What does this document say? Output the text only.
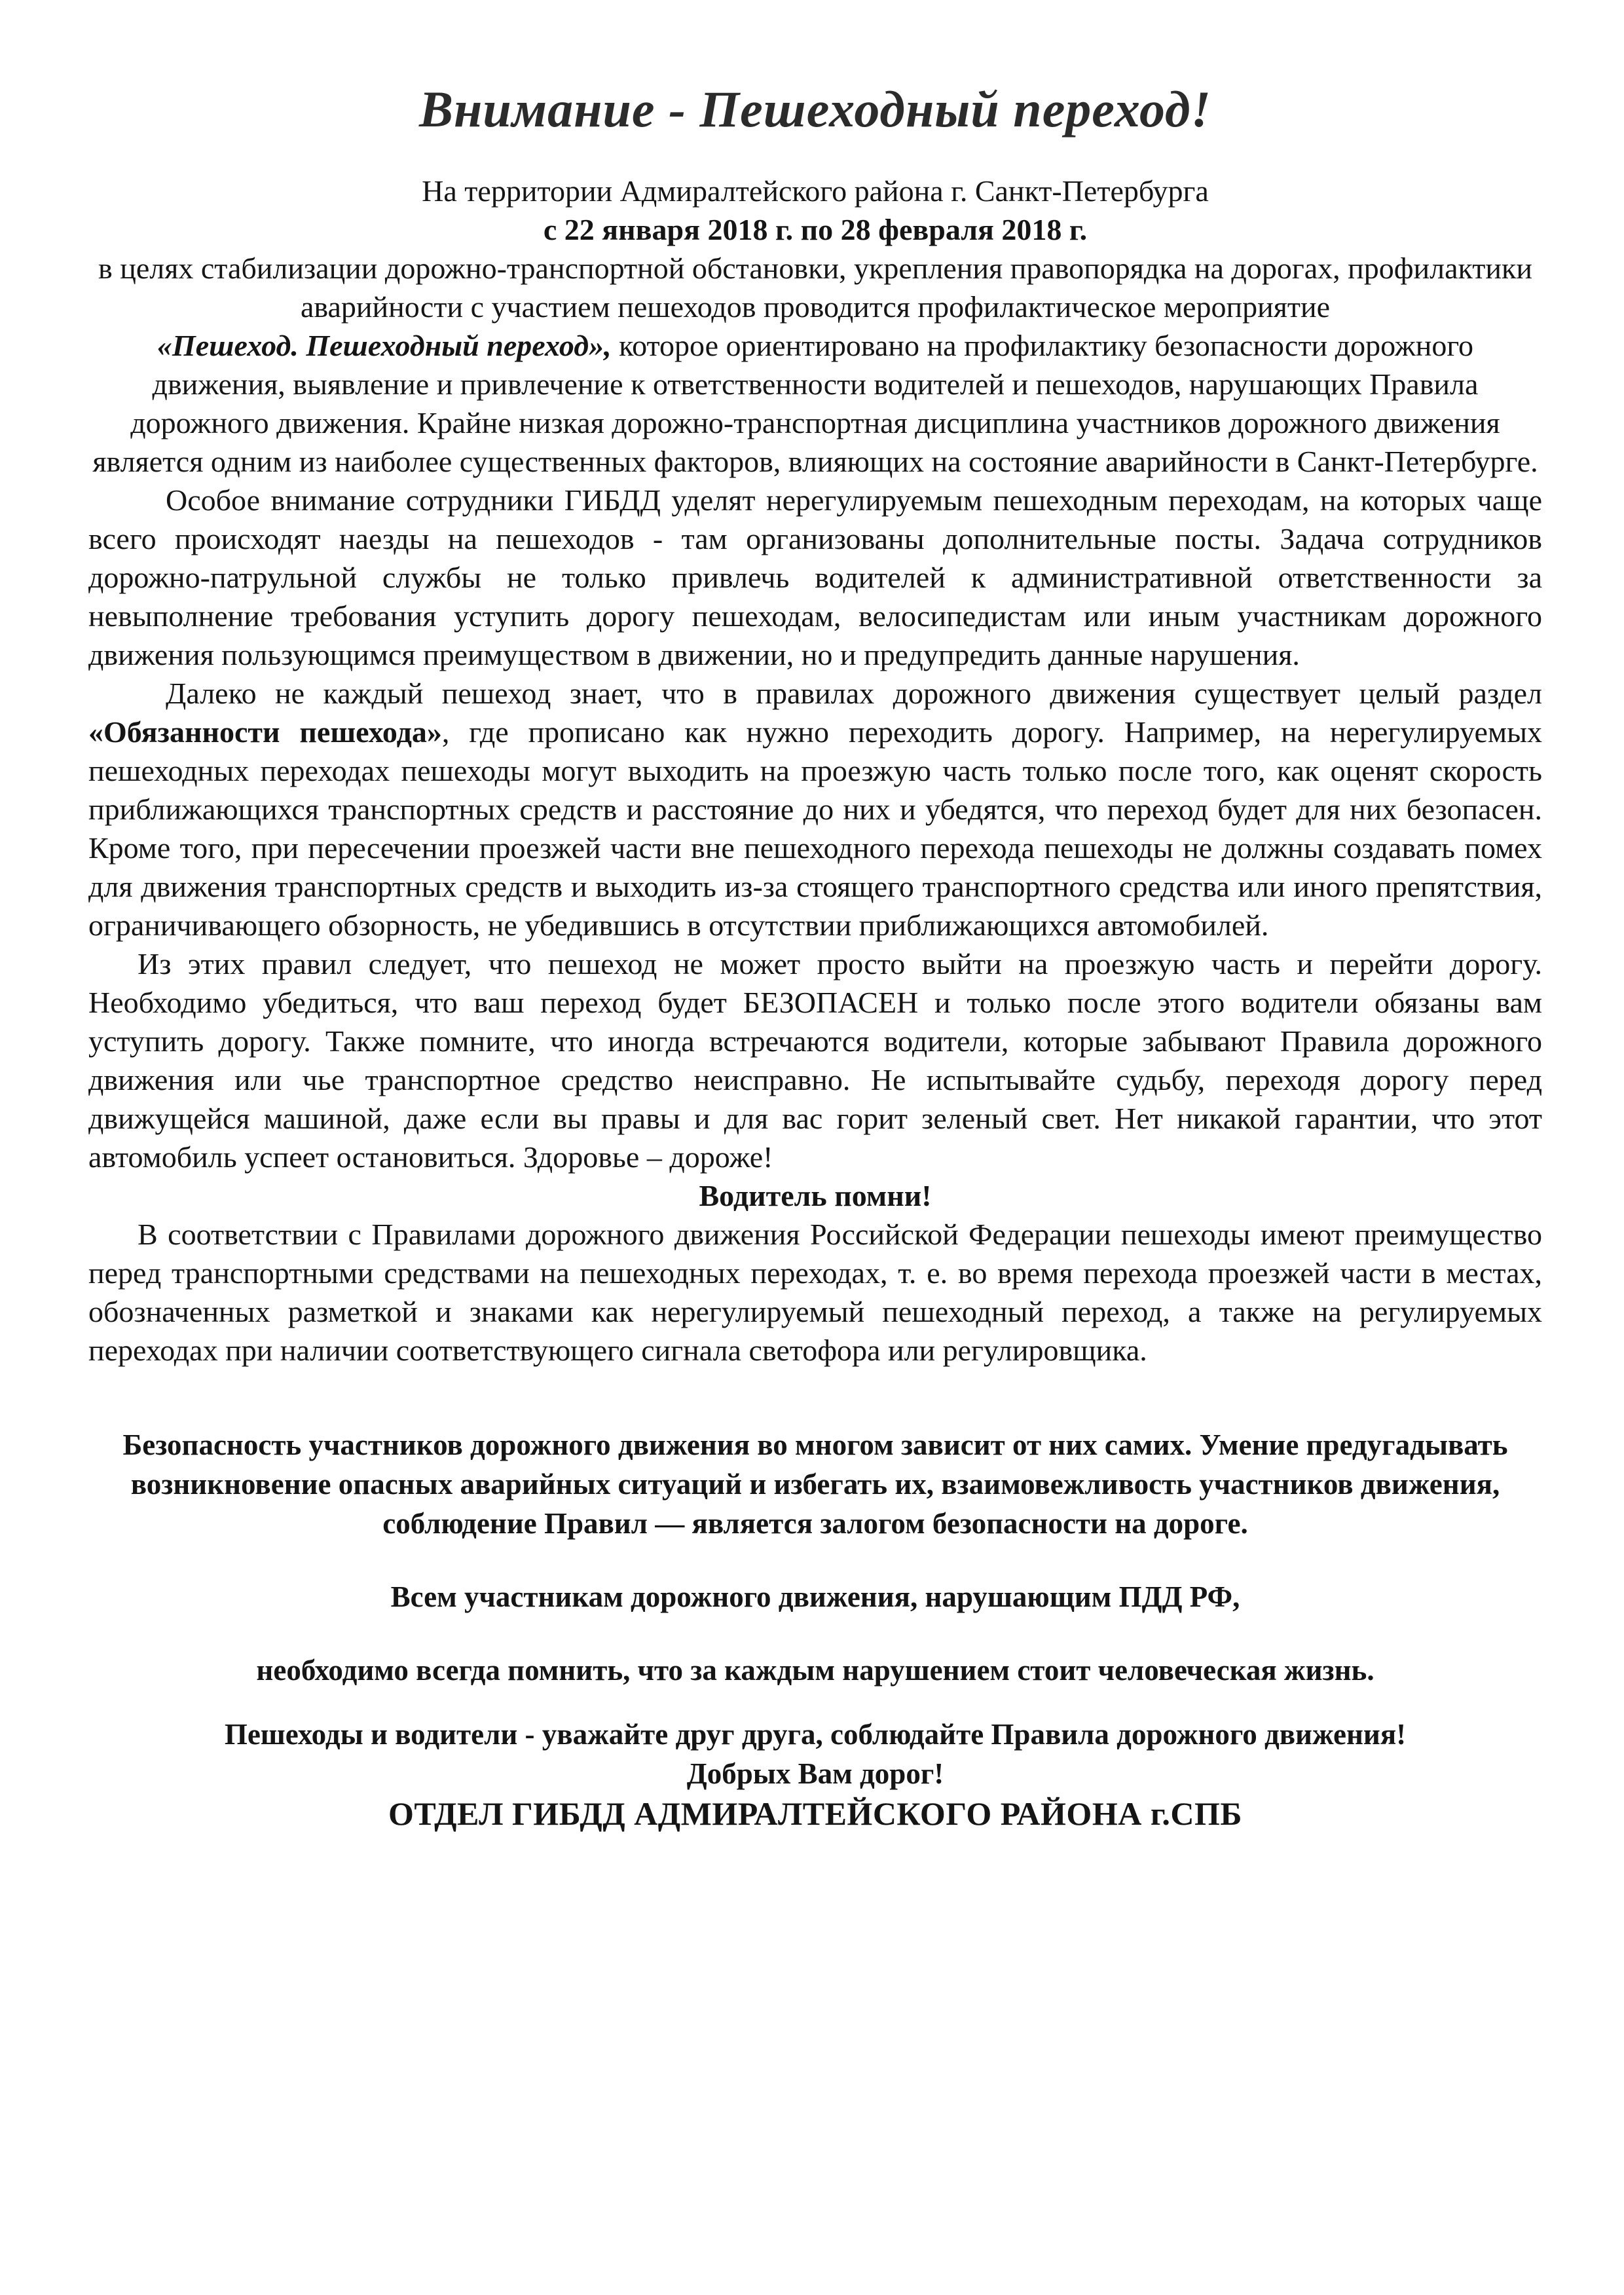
Внимание - Пешеходный переход!

На территории Адмиралтейского района г. Санкт-Петербурга

с 22 января 2018 г. по 28 февраля 2018 г.

в целях стабилизации дорожно-транспортной обстановки, укрепления правопорядка на дорогах, профилактики аварийности с участием пешеходов проводится профилактическое мероприятие

«Пешеход. Пешеходный переход», которое ориентировано на профилактику безопасности дорожного движения, выявление и привлечение к ответственности водителей и пешеходов, нарушающих Правила дорожного движения. Крайне низкая дорожно-транспортная дисциплина участников дорожного движения является одним из наиболее существенных факторов, влияющих на состояние аварийности в Санкт-Петербурге.

Особое внимание сотрудники ГИБДД уделят нерегулируемым пешеходным переходам, на которых чаще всего происходят наезды на пешеходов - там организованы дополнительные посты. Задача сотрудников дорожно-патрульной службы не только привлечь водителей к административной ответственности за невыполнение требования уступить дорогу пешеходам, велосипедистам или иным участникам дорожного движения пользующимся преимуществом в движении, но и предупредить данные нарушения.

Далеко не каждый пешеход знает, что в правилах дорожного движения существует целый раздел «Обязанности пешехода», где прописано как нужно переходить дорогу. Например, на нерегулируемых пешеходных переходах пешеходы могут выходить на проезжую часть только после того, как оценят скорость приближающихся транспортных средств и расстояние до них и убедятся, что переход будет для них безопасен. Кроме того, при пересечении проезжей части вне пешеходного перехода пешеходы не должны создавать помех для движения транспортных средств и выходить из-за стоящего транспортного средства или иного препятствия, ограничивающего обзорность, не убедившись в отсутствии приближающихся автомобилей.

Из этих правил следует, что пешеход не может просто выйти на проезжую часть и перейти дорогу. Необходимо убедиться, что ваш переход будет БЕЗОПАСЕН и только после этого водители обязаны вам уступить дорогу. Также помните, что иногда встречаются водители, которые забывают Правила дорожного движения или чье транспортное средство неисправно. Не испытывайте судьбу, переходя дорогу перед движущейся машиной, даже если вы правы и для вас горит зеленый свет. Нет никакой гарантии, что этот автомобиль успеет остановиться. Здоровье – дороже!

Водитель помни!

В соответствии с Правилами дорожного движения Российской Федерации пешеходы имеют преимущество перед транспортными средствами на пешеходных переходах, т. е. во время перехода проезжей части в местах, обозначенных разметкой и знаками как нерегулируемый пешеходный переход, а также на регулируемых переходах при наличии соответствующего сигнала светофора или регулировщика.

Безопасность участников дорожного движения во многом зависит от них самих. Умение предугадывать возникновение опасных аварийных ситуаций и избегать их, взаимовежливость участников движения, соблюдение Правил — является залогом безопасности на дороге.

Всем участникам дорожного движения, нарушающим ПДД РФ,

необходимо всегда помнить, что за каждым нарушением стоит человеческая жизнь.

Пешеходы и водители - уважайте друг друга, соблюдайте Правила дорожного движения!

Добрых Вам дорог!

ОТДЕЛ ГИБДД АДМИРАЛТЕЙСКОГО РАЙОНА г.СПБ
